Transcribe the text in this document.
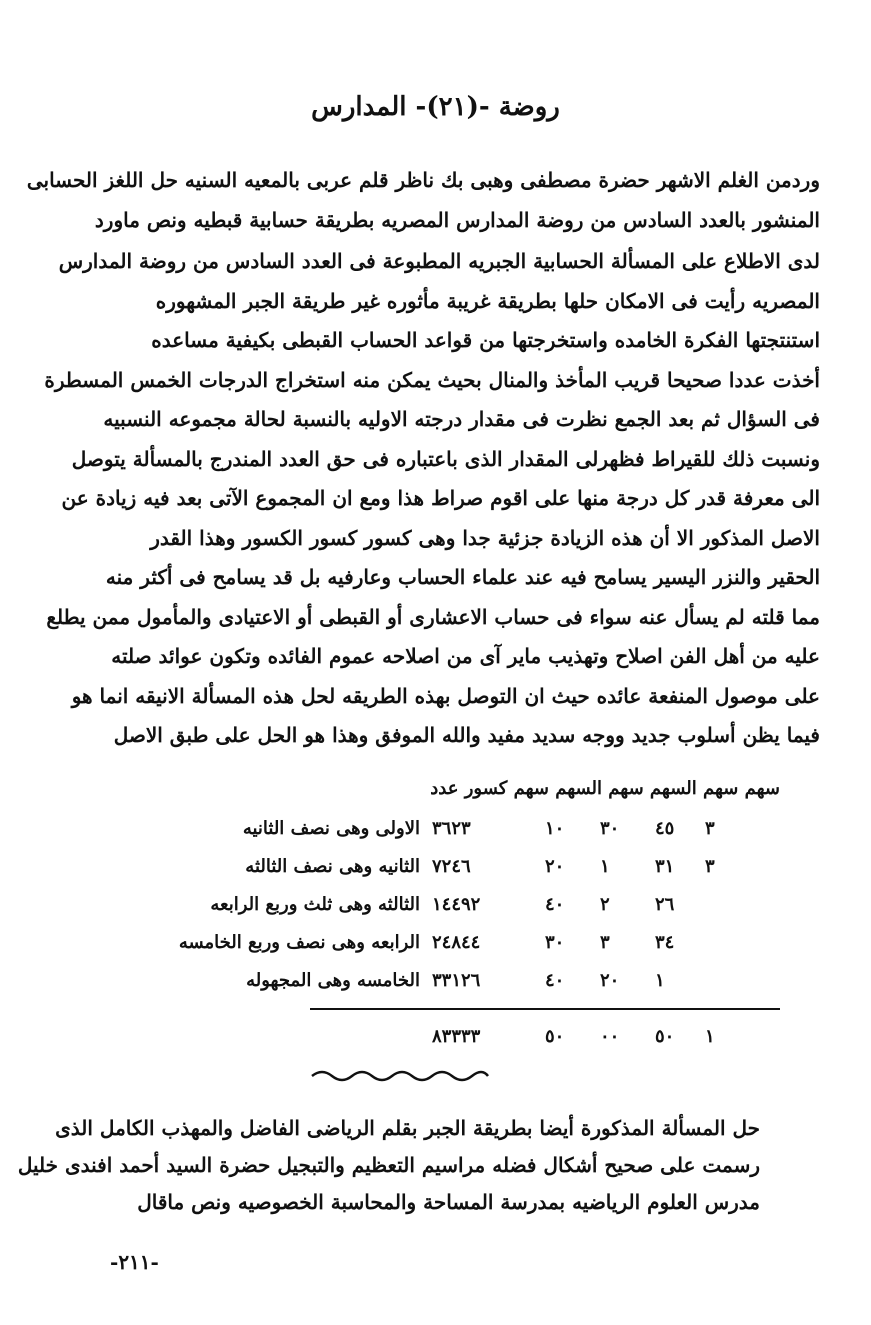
روضة -(٢١)- المدارس
وردمن الغلم الاشهر حضرة مصطفى وهبى بك ناظر قلم عربى بالمعيه السنيه حل اللغز الحسابى
المنشور بالعدد السادس من روضة المدارس المصريه بطريقة حسابية قبطيه ونص ماورد
لدى الاطلاع على المسألة الحسابية الجبريه المطبوعة فى العدد السادس من روضة المدارس
المصريه رأيت فى الامكان حلها بطريقة غريبة مأثوره غير طريقة الجبر المشهوره
استنتجتها الفكرة الخامده واستخرجتها من قواعد الحساب القبطى بكيفية مساعده
أخذت عددا صحيحا قريب المأخذ والمنال بحيث يمكن منه استخراج الدرجات الخمس المسطرة
فى السؤال ثم بعد الجمع نظرت فى مقدار درجته الاوليه بالنسبة لحالة مجموعه النسبيه
ونسبت ذلك للقيراط فظهرلى المقدار الذى باعتباره فى حق العدد المندرج بالمسألة يتوصل
الى معرفة قدر كل درجة منها على اقوم صراط هذا ومع ان المجموع الآتى بعد فيه زيادة عن
الاصل المذكور الا أن هذه الزيادة جزئية جدا وهى كسور كسور الكسور وهذا القدر
الحقير والنزر اليسير يسامح فيه عند علماء الحساب وعارفيه بل قد يسامح فى أكثر منه
مما قلته لم يسأل عنه سواء فى حساب الاعشارى أو القبطى أو الاعتيادى والمأمول ممن يطلع
عليه من أهل الفن اصلاح وتهذيب ماير آى من اصلاحه عموم الفائده وتكون عوائد صلته
على موصول المنفعة عائده حيث ان التوصل بهذه الطريقه لحل هذه المسألة الانيقه انما هو
فيما يظن أسلوب جديد ووجه سديد مفيد والله الموفق وهذا هو الحل على طبق الاصل
سهم سهم السهم سهم السهم سهم كسور عدد
٣
٤٥
٣٠
١٠
٣٦٢٣
الاولى وهى نصف الثانيه
٣
٣١
١
٢٠
٧٢٤٦
الثانيه وهى نصف الثالثه
٢٦
٢
٤٠
١٤٤٩٢
الثالثه وهى ثلث وربع الرابعه
٣٤
٣
٣٠
٢٤٨٤٤
الرابعه وهى نصف وربع الخامسه
١
٢٠
٤٠
٣٣١٢٦
الخامسه وهى المجهوله
١
٥٠
٠٠
٥٠
٨٣٣٣٣
حل المسألة المذكورة أيضا بطريقة الجبر بقلم الرياضى الفاضل والمهذب الكامل الذى
رسمت على صحيح أشكال فضله مراسيم التعظيم والتبجيل حضرة السيد أحمد افندى خليل
مدرس العلوم الرياضيه بمدرسة المساحة والمحاسبة الخصوصيه ونص ماقال
-٢١١-
